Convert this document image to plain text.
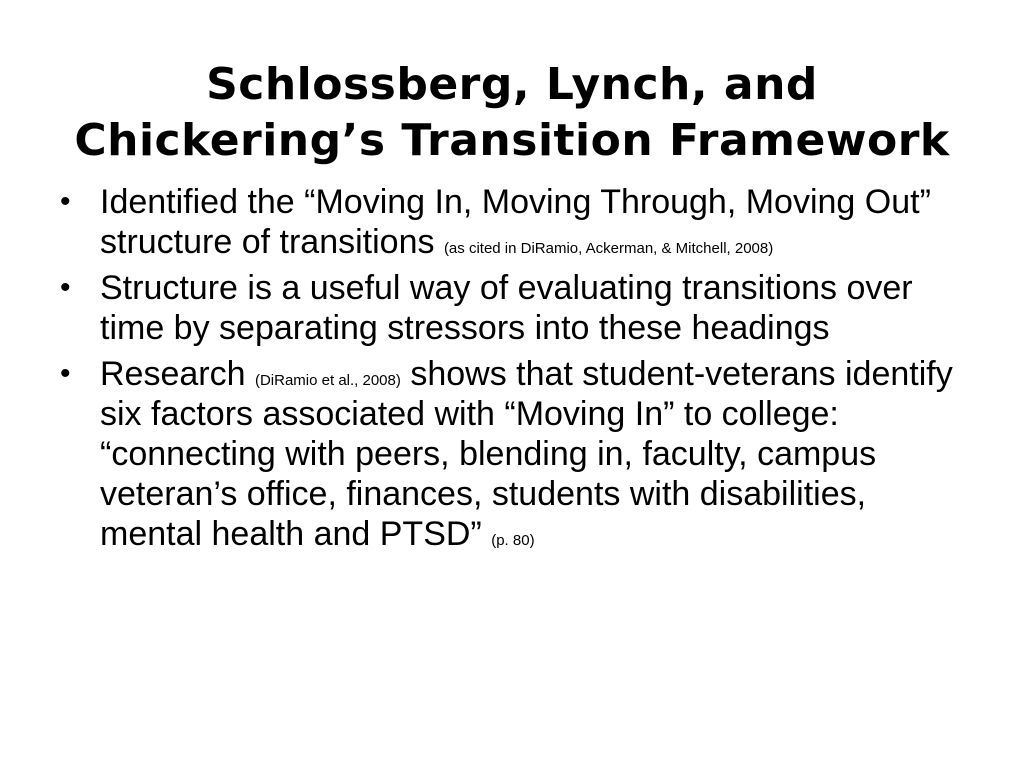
Schlossberg, Lynch, and
Chickering’s Transition Framework
• Identified the “Moving In, Moving Through, Moving Out” structure of transitions (as cited in DiRamio, Ackerman, & Mitchell, 2008)
• Structure is a useful way of evaluating transitions over time by separating stressors into these headings
• Research (DiRamio et al., 2008) shows that student-veterans identify six factors associated with “Moving In” to college: “connecting with peers, blending in, faculty, campus veteran’s office, finances, students with disabilities, mental health and PTSD” (p. 80)
